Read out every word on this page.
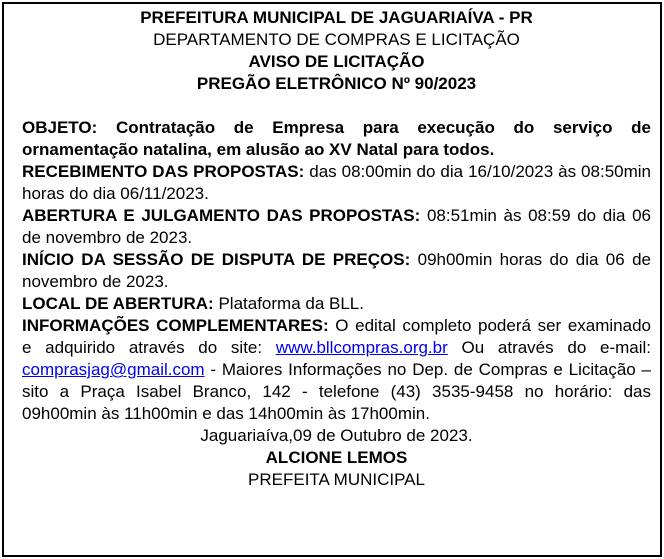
PREFEITURA MUNICIPAL DE JAGUARIAÍVA - PR
DEPARTAMENTO DE COMPRAS E LICITAÇÃO
AVISO DE LICITAÇÃO
PREGÃO ELETRÔNICO Nº 90/2023

OBJETO: Contratação de Empresa para execução do serviço de ornamentação natalina, em alusão ao XV Natal para todos.

RECEBIMENTO DAS PROPOSTAS: das 08:00min do dia 16/10/2023 às 08:50min horas do dia 06/11/2023.

ABERTURA E JULGAMENTO DAS PROPOSTAS: 08:51min às 08:59 do dia 06 de novembro de 2023.

INÍCIO DA SESSÃO DE DISPUTA DE PREÇOS: 09h00min horas do dia 06 de novembro de 2023.

LOCAL DE ABERTURA: Plataforma da BLL.

INFORMAÇÕES COMPLEMENTARES: O edital completo poderá ser examinado e adquirido através do site: www.bllcompras.org.br Ou através do e-mail: comprasjag@gmail.com - Maiores Informações no Dep. de Compras e Licitação – sito a Praça Isabel Branco, 142 - telefone (43) 3535-9458 no horário: das 09h00min às 11h00min e das 14h00min às 17h00min.

Jaguariaíva,09 de Outubro de 2023.
ALCIONE LEMOS
PREFEITA MUNICIPAL
